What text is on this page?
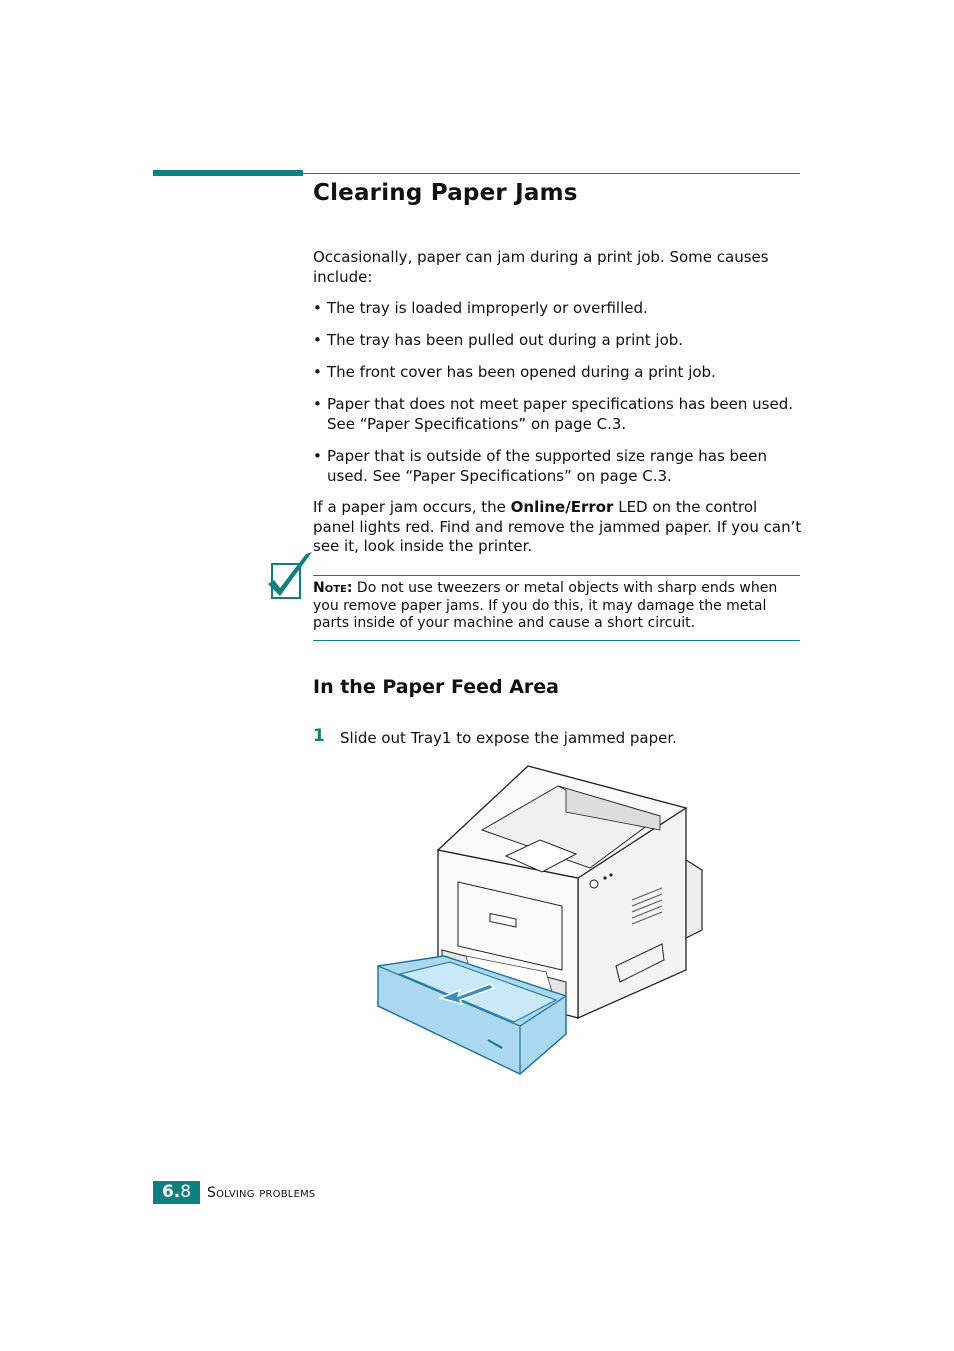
Clearing Paper Jams

Occasionally, paper can jam during a print job. Some causes include:

• The tray is loaded improperly or overfilled.

• The tray has been pulled out during a print job.

• The front cover has been opened during a print job.

• Paper that does not meet paper specifications has been used. See “Paper Specifications” on page C.3.

• Paper that is outside of the supported size range has been used. See “Paper Specifications” on page C.3.

If a paper jam occurs, the Online/Error LED on the control panel lights red. Find and remove the jammed paper. If you can’t see it, look inside the printer.

Note: Do not use tweezers or metal objects with sharp ends when you remove paper jams. If you do this, it may damage the metal parts inside of your machine and cause a short circuit.

In the Paper Feed Area
1 Slide out Tray1 to expose the jammed paper.
6.8	Solving problems
